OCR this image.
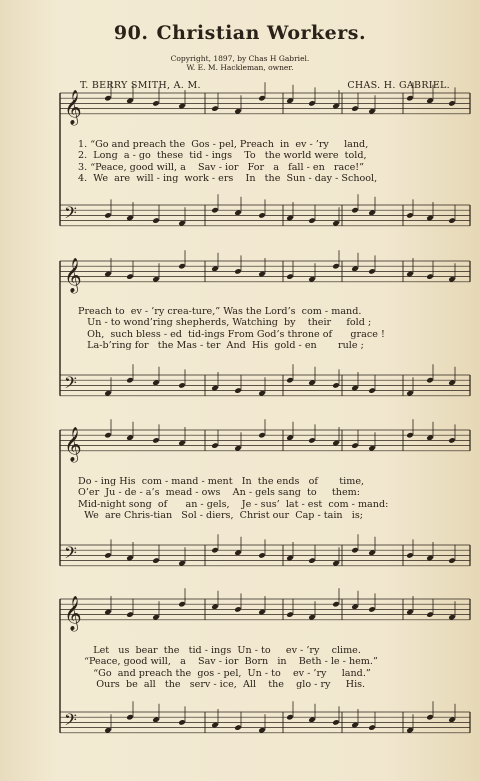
90. Christian Workers.
Copyright, 1897, by Chas H Gabriel.
W. E. M. Hackleman, owner.
T. BERRY SMITH, A. M.	CHAS. H. GABRIEL.
𝄞
𝄢
𝄞
𝄢
𝄞
𝄢
𝄞
𝄢
1. “Go and preach the  Gos - pel, Preach  in  ev - ’ry     land,
2.  Long  a - go  these  tid - ings    To   the world were  told,
3. “Peace, good will, a    Sav - ior   For   a   fall - en   race!”
4.  We  are  will - ing  work - ers    In   the  Sun - day - School,
Preach to  ev - ’ry crea-ture,” Was the Lord’s  com - mand.
Un - to wond’ring shepherds, Watching  by    their     fold ;
Oh,  such bless - ed  tid-ings From God’s throne of      grace !
La-b’ring for   the Mas - ter  And  His  gold - en       rule ;
Do - ing His  com - mand - ment   In  the ends   of       time,
O’er  Ju - de - a’s  mead - ows    An - gels sang  to     them:
Mid-night song  of      an - gels,    Je - sus’  lat - est  com - mand:
We  are Chris-tian   Sol - diers,  Christ our  Cap - tain   is;
Let   us  bear  the   tid - ings  Un - to     ev - ’ry    clime.
“Peace, good will,   a    Sav - ior  Born   in    Beth - le - hem.”
“Go  and preach the  gos - pel,  Un - to    ev - ’ry     land.”
Ours  be  all   the   serv - ice,  All    the    glo - ry     His.
